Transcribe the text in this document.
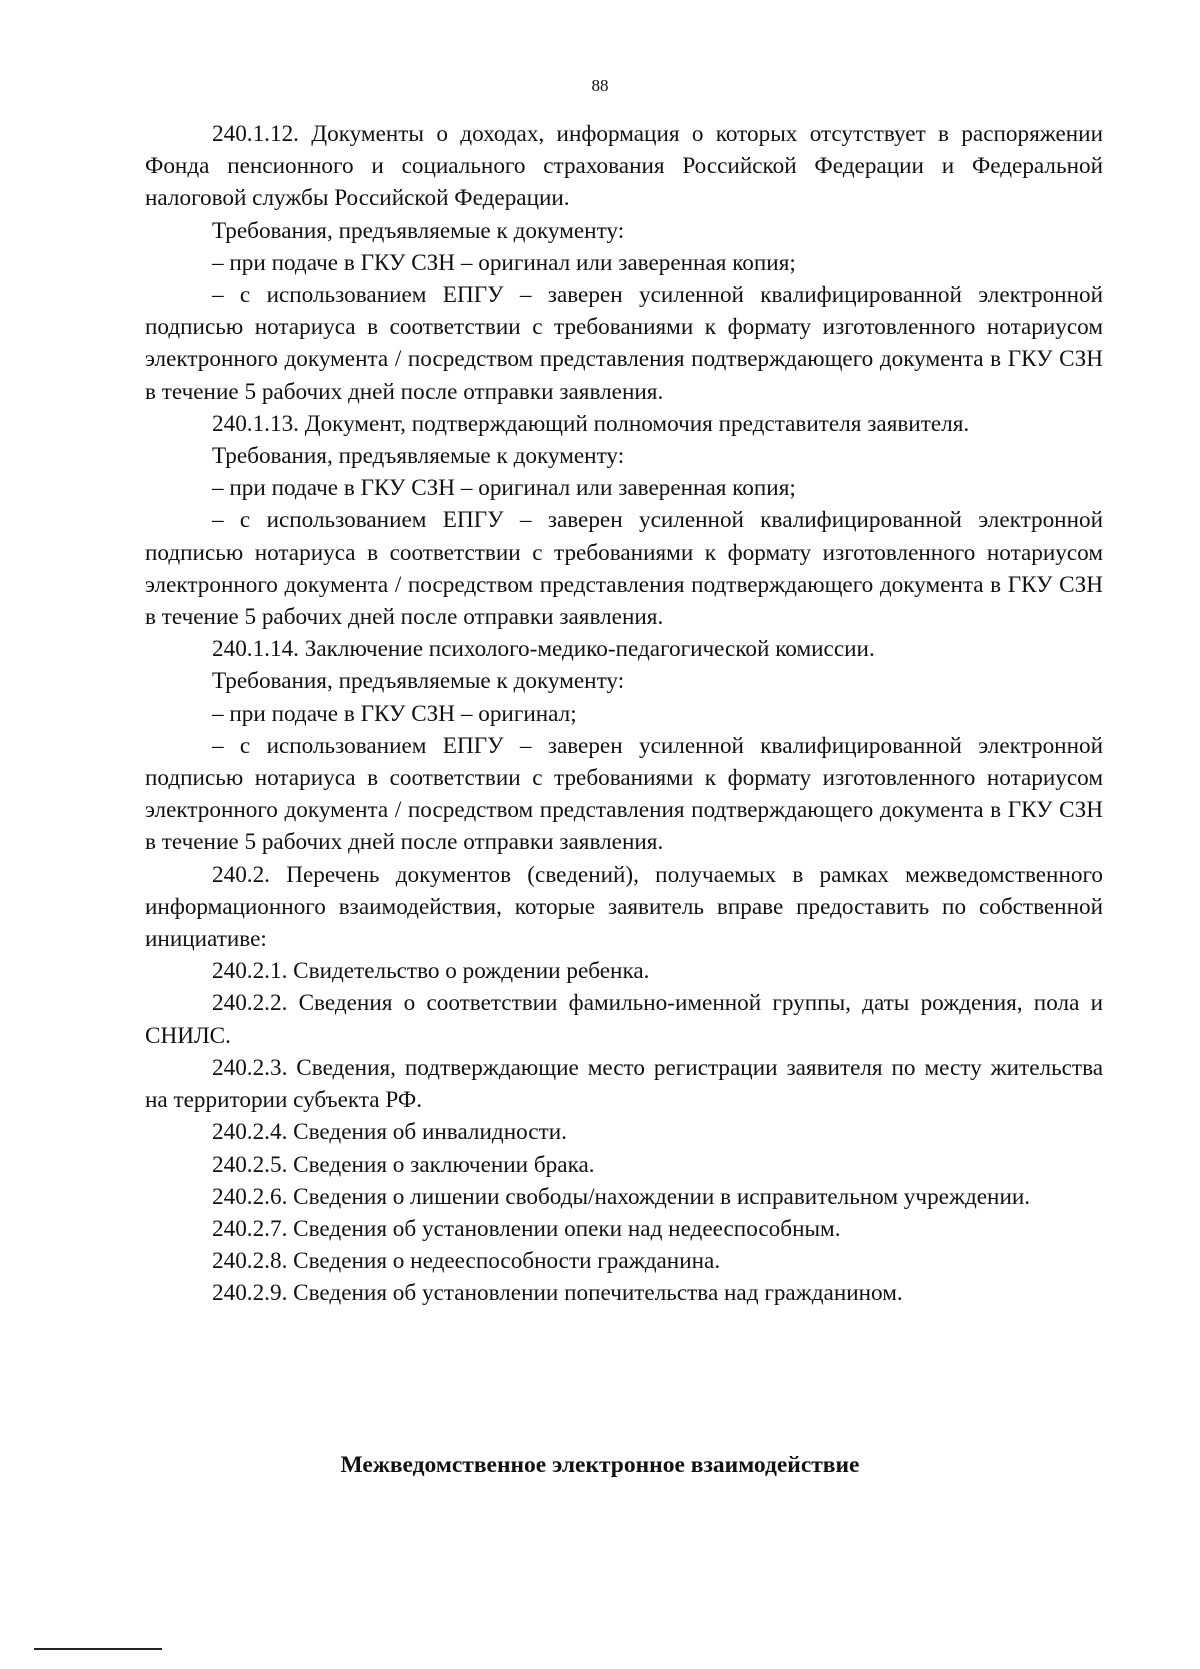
88

240.1.12. Документы о доходах, информация о которых отсутствует в распоряжении Фонда пенсионного и социального страхования Российской Федерации и Федеральной налоговой службы Российской Федерации.

Требования, предъявляемые к документу:

– при подаче в ГКУ СЗН – оригинал или заверенная копия;

– с использованием ЕПГУ – заверен усиленной квалифицированной электронной подписью нотариуса в соответствии с требованиями к формату изготовленного нотариусом электронного документа / посредством представления подтверждающего документа в ГКУ СЗН в течение 5 рабочих дней после отправки заявления.

240.1.13. Документ, подтверждающий полномочия представителя заявителя.

Требования, предъявляемые к документу:

– при подаче в ГКУ СЗН – оригинал или заверенная копия;

– с использованием ЕПГУ – заверен усиленной квалифицированной электронной подписью нотариуса в соответствии с требованиями к формату изготовленного нотариусом электронного документа / посредством представления подтверждающего документа в ГКУ СЗН в течение 5 рабочих дней после отправки заявления.

240.1.14. Заключение психолого-медико-педагогической комиссии.

Требования, предъявляемые к документу:

– при подаче в ГКУ СЗН – оригинал;

– с использованием ЕПГУ – заверен усиленной квалифицированной электронной подписью нотариуса в соответствии с требованиями к формату изготовленного нотариусом электронного документа / посредством представления подтверждающего документа в ГКУ СЗН в течение 5 рабочих дней после отправки заявления.

240.2. Перечень документов (сведений), получаемых в рамках межведомственного информационного взаимодействия, которые заявитель вправе предоставить по собственной инициативе:

240.2.1. Свидетельство о рождении ребенка.

240.2.2. Сведения о соответствии фамильно-именной группы, даты рождения, пола и СНИЛС.

240.2.3. Сведения, подтверждающие место регистрации заявителя по месту жительства на территории субъекта РФ.

240.2.4. Сведения об инвалидности.

240.2.5. Сведения о заключении брака.

240.2.6. Сведения о лишении свободы/нахождении в исправительном учреждении.

240.2.7. Сведения об установлении опеки над недееспособным.

240.2.8. Сведения о недееспособности гражданина.

240.2.9. Сведения об установлении попечительства над гражданином.

Межведомственное электронное взаимодействие
